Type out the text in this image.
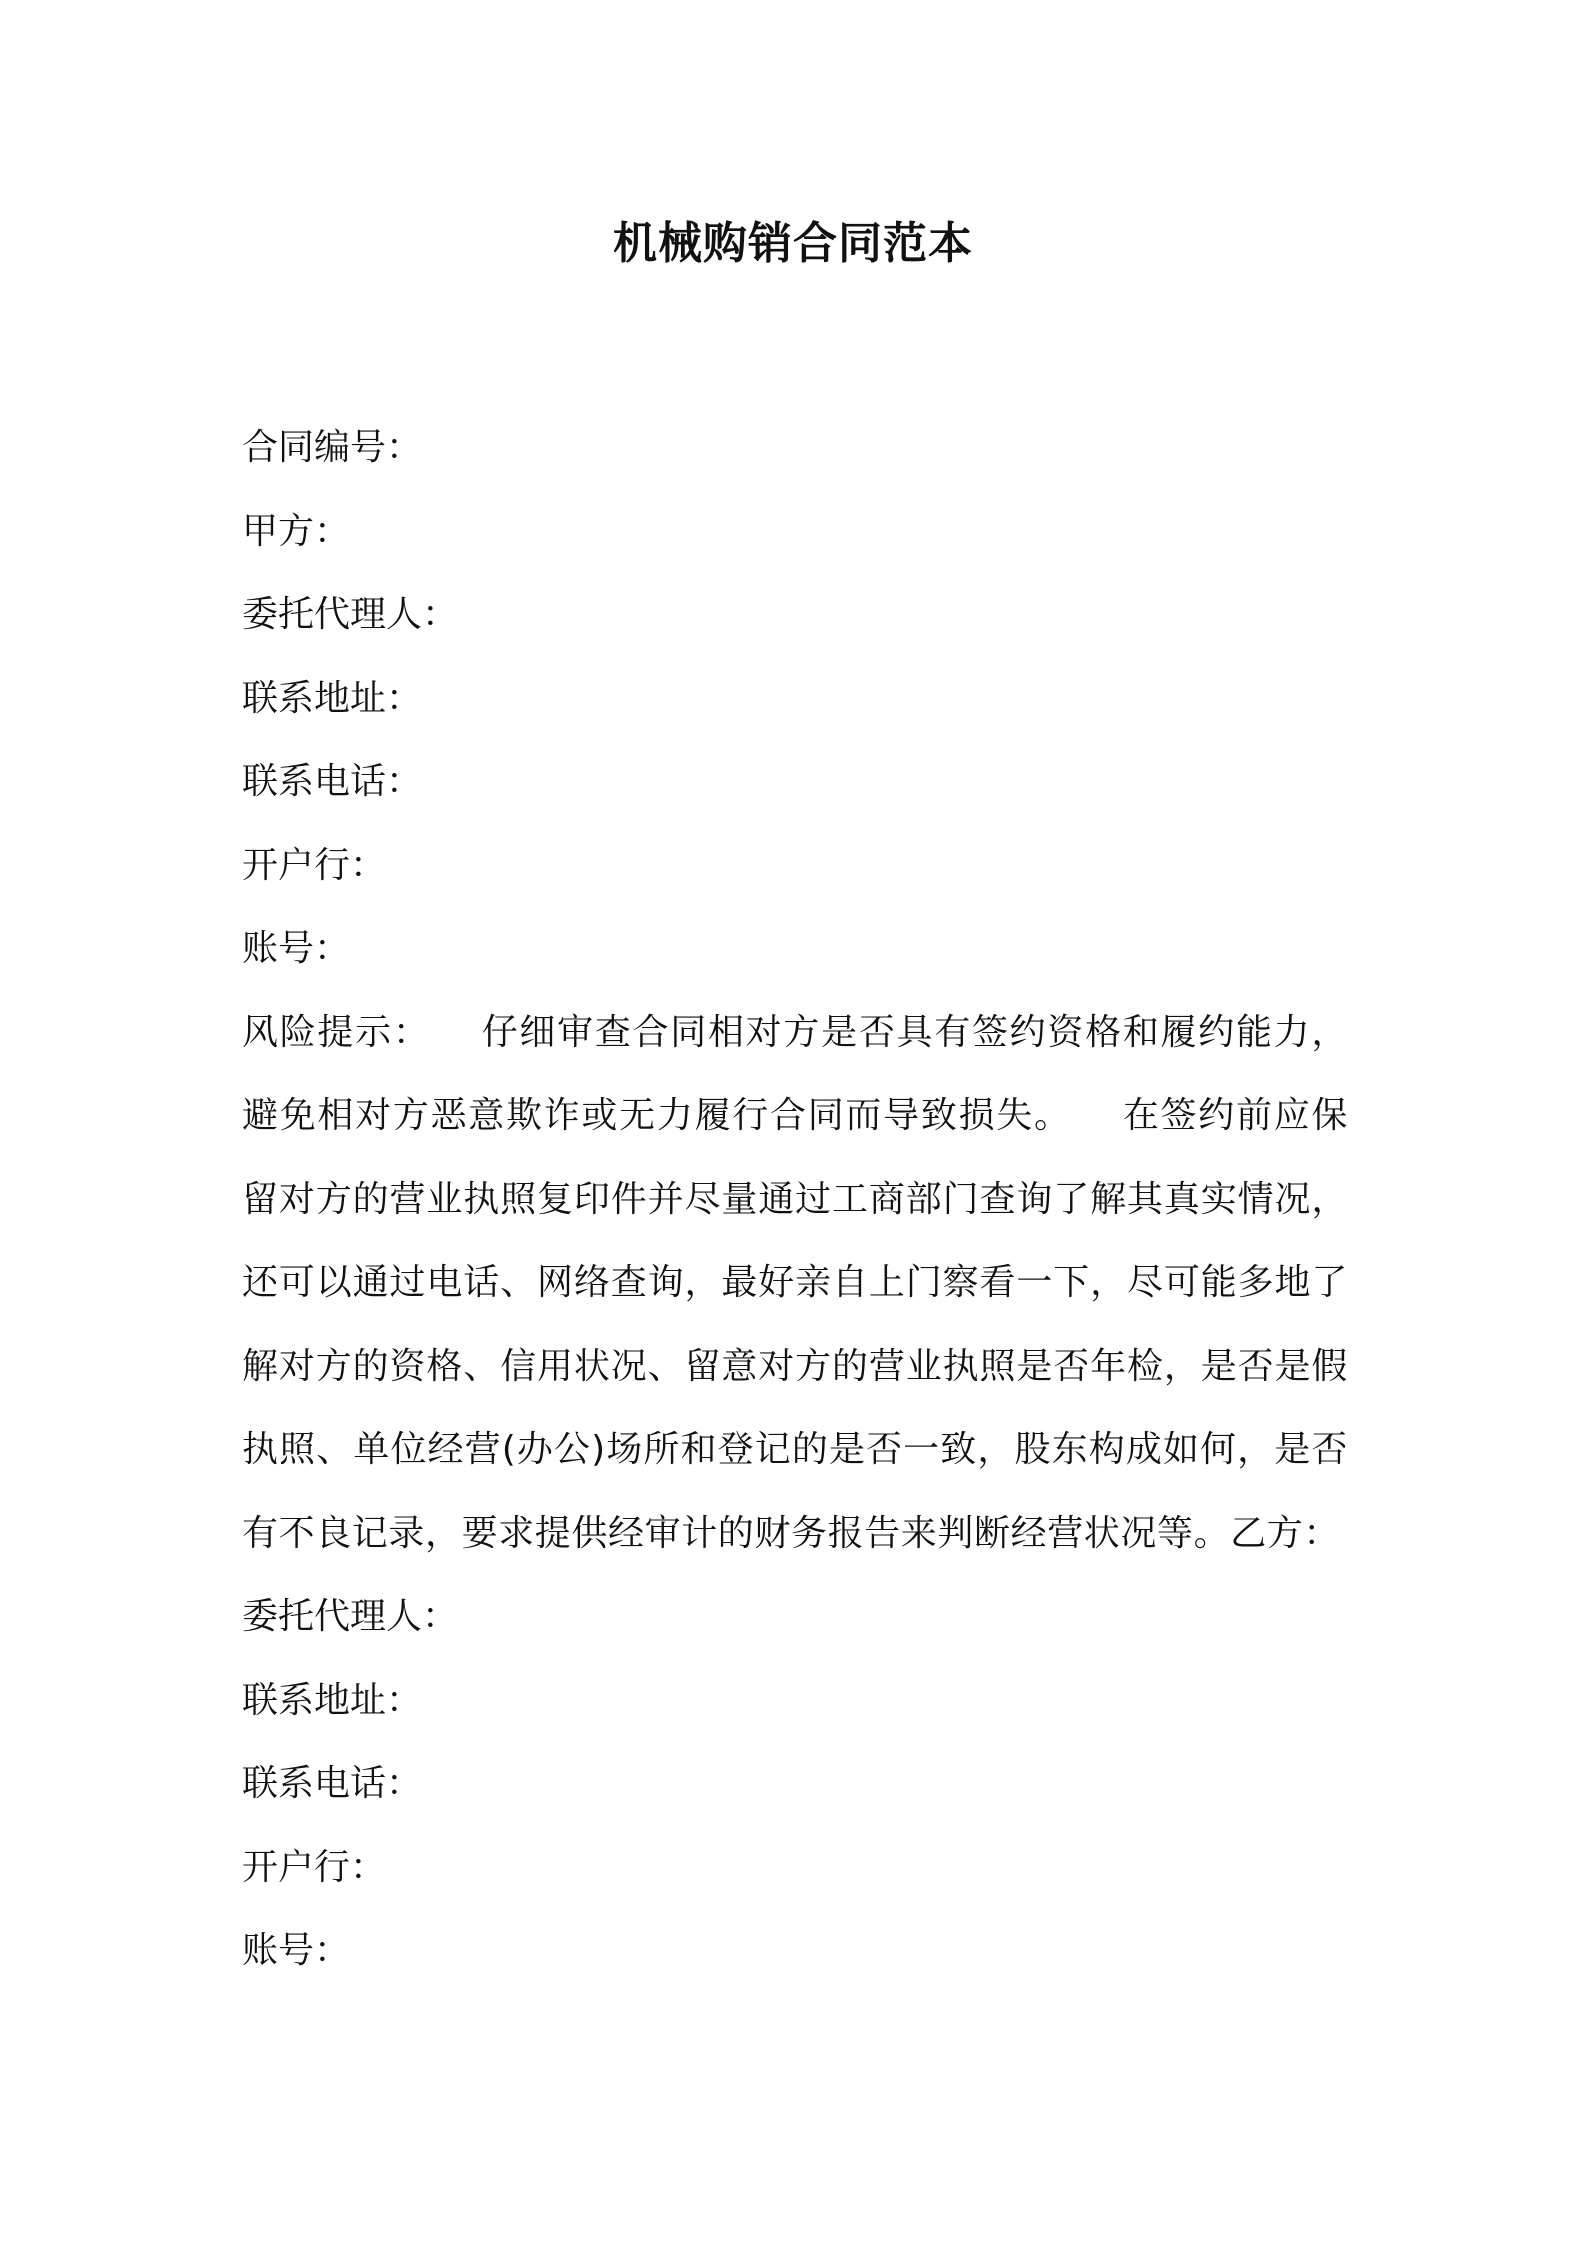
机械购销合同范本
合同编号：
甲方：
委托代理人：
联系地址：
联系电话：
开户行：
账号：
风险提示： 仔细审查合同相对方是否具有签约资格和履约能力，避免相对方恶意欺诈或无力履行合同而导致损失。 在签约前应保留对方的营业执照复印件并尽量通过工商部门查询了解其真实情况，还可以通过电话、网络查询，最好亲自上门察看一下，尽可能多地了解对方的资格、信用状况、留意对方的营业执照是否年检，是否是假执照、单位经营(办公)场所和登记的是否一致，股东构成如何，是否有不良记录，要求提供经审计的财务报告来判断经营状况等。乙方：
委托代理人：
联系地址：
联系电话：
开户行：
账号：
